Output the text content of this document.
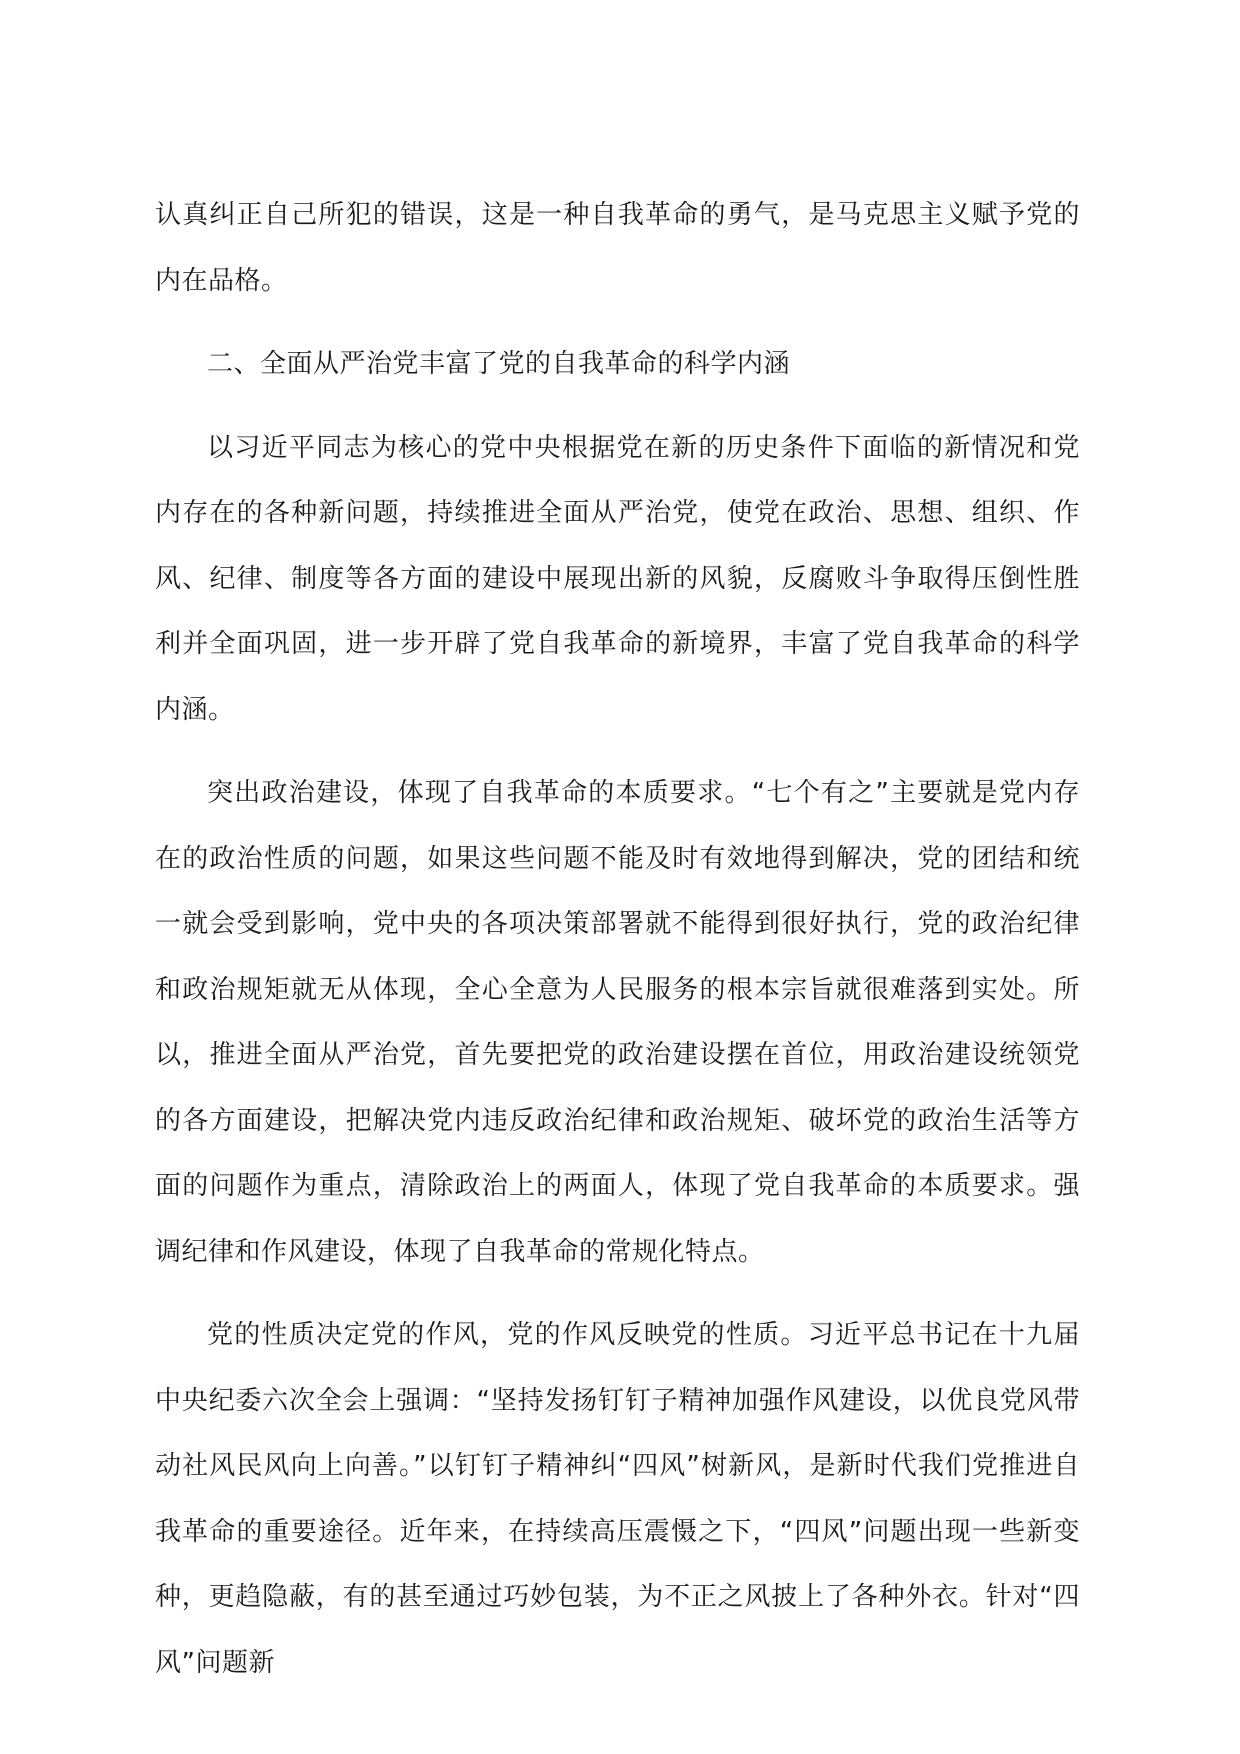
认真纠正自己所犯的错误，这是一种自我革命的勇气，是马克思主义赋予党的内在品格。

二、全面从严治党丰富了党的自我革命的科学内涵

以习近平同志为核心的党中央根据党在新的历史条件下面临的新情况和党内存在的各种新问题，持续推进全面从严治党，使党在政治、思想、组织、作风、纪律、制度等各方面的建设中展现出新的风貌，反腐败斗争取得压倒性胜利并全面巩固，进一步开辟了党自我革命的新境界，丰富了党自我革命的科学内涵。

突出政治建设，体现了自我革命的本质要求。“七个有之”主要就是党内存在的政治性质的问题，如果这些问题不能及时有效地得到解决，党的团结和统一就会受到影响，党中央的各项决策部署就不能得到很好执行，党的政治纪律和政治规矩就无从体现，全心全意为人民服务的根本宗旨就很难落到实处。所以，推进全面从严治党，首先要把党的政治建设摆在首位，用政治建设统领党的各方面建设，把解决党内违反政治纪律和政治规矩、破坏党的政治生活等方面的问题作为重点，清除政治上的两面人，体现了党自我革命的本质要求。强调纪律和作风建设，体现了自我革命的常规化特点。

党的性质决定党的作风，党的作风反映党的性质。习近平总书记在十九届中央纪委六次全会上强调：“坚持发扬钉钉子精神加强作风建设，以优良党风带动社风民风向上向善。”以钉钉子精神纠“四风”树新风，是新时代我们党推进自我革命的重要途径。近年来，在持续高压震慑之下，“四风”问题出现一些新变种，更趋隐蔽，有的甚至通过巧妙包装，为不正之风披上了各种外衣。针对“四风”问题新
